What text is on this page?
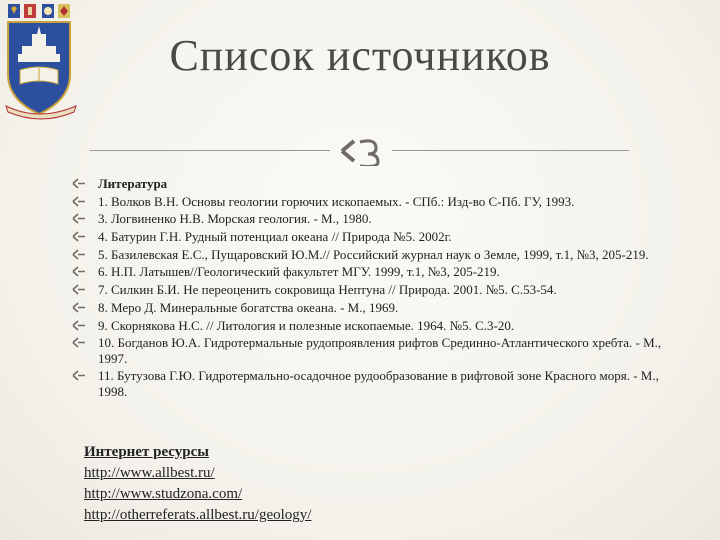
Список источников
Литература
1. Волков В.Н. Основы геологии горючих ископаемых. - СПб.: Изд-во С-Пб. ГУ, 1993.
3. Логвиненко Н.В. Морская геология. - М., 1980.
4. Батурин Г.Н. Рудный потенциал океана // Природа №5. 2002г.
5. Базилевская Е.С., Пущаровский Ю.М.// Российский журнал наук о Земле, 1999, т.1, №3, 205-219.
6. Н.П. Латышев//Геологический факультет МГУ. 1999, т.1, №3, 205-219.
7. Силкин Б.И. Не переоценить сокровища Нептуна // Природа. 2001. №5. С.53-54.
8. Меро Д. Минеральные богатства океана. - М., 1969.
9. Скорнякова Н.С. // Литология и полезные ископаемые. 1964. №5. С.3-20.
10. Богданов Ю.А. Гидротермальные рудопроявления рифтов Срединно-Атлантического хребта. - М., 1997.
11. Бутузова Г.Ю. Гидротермально-осадочное рудообразование в рифтовой зоне Красного моря. - М., 1998.
Интернет ресурсы
http://www.allbest.ru/
http://www.studzona.com/
http://otherreferats.allbest.ru/geology/
